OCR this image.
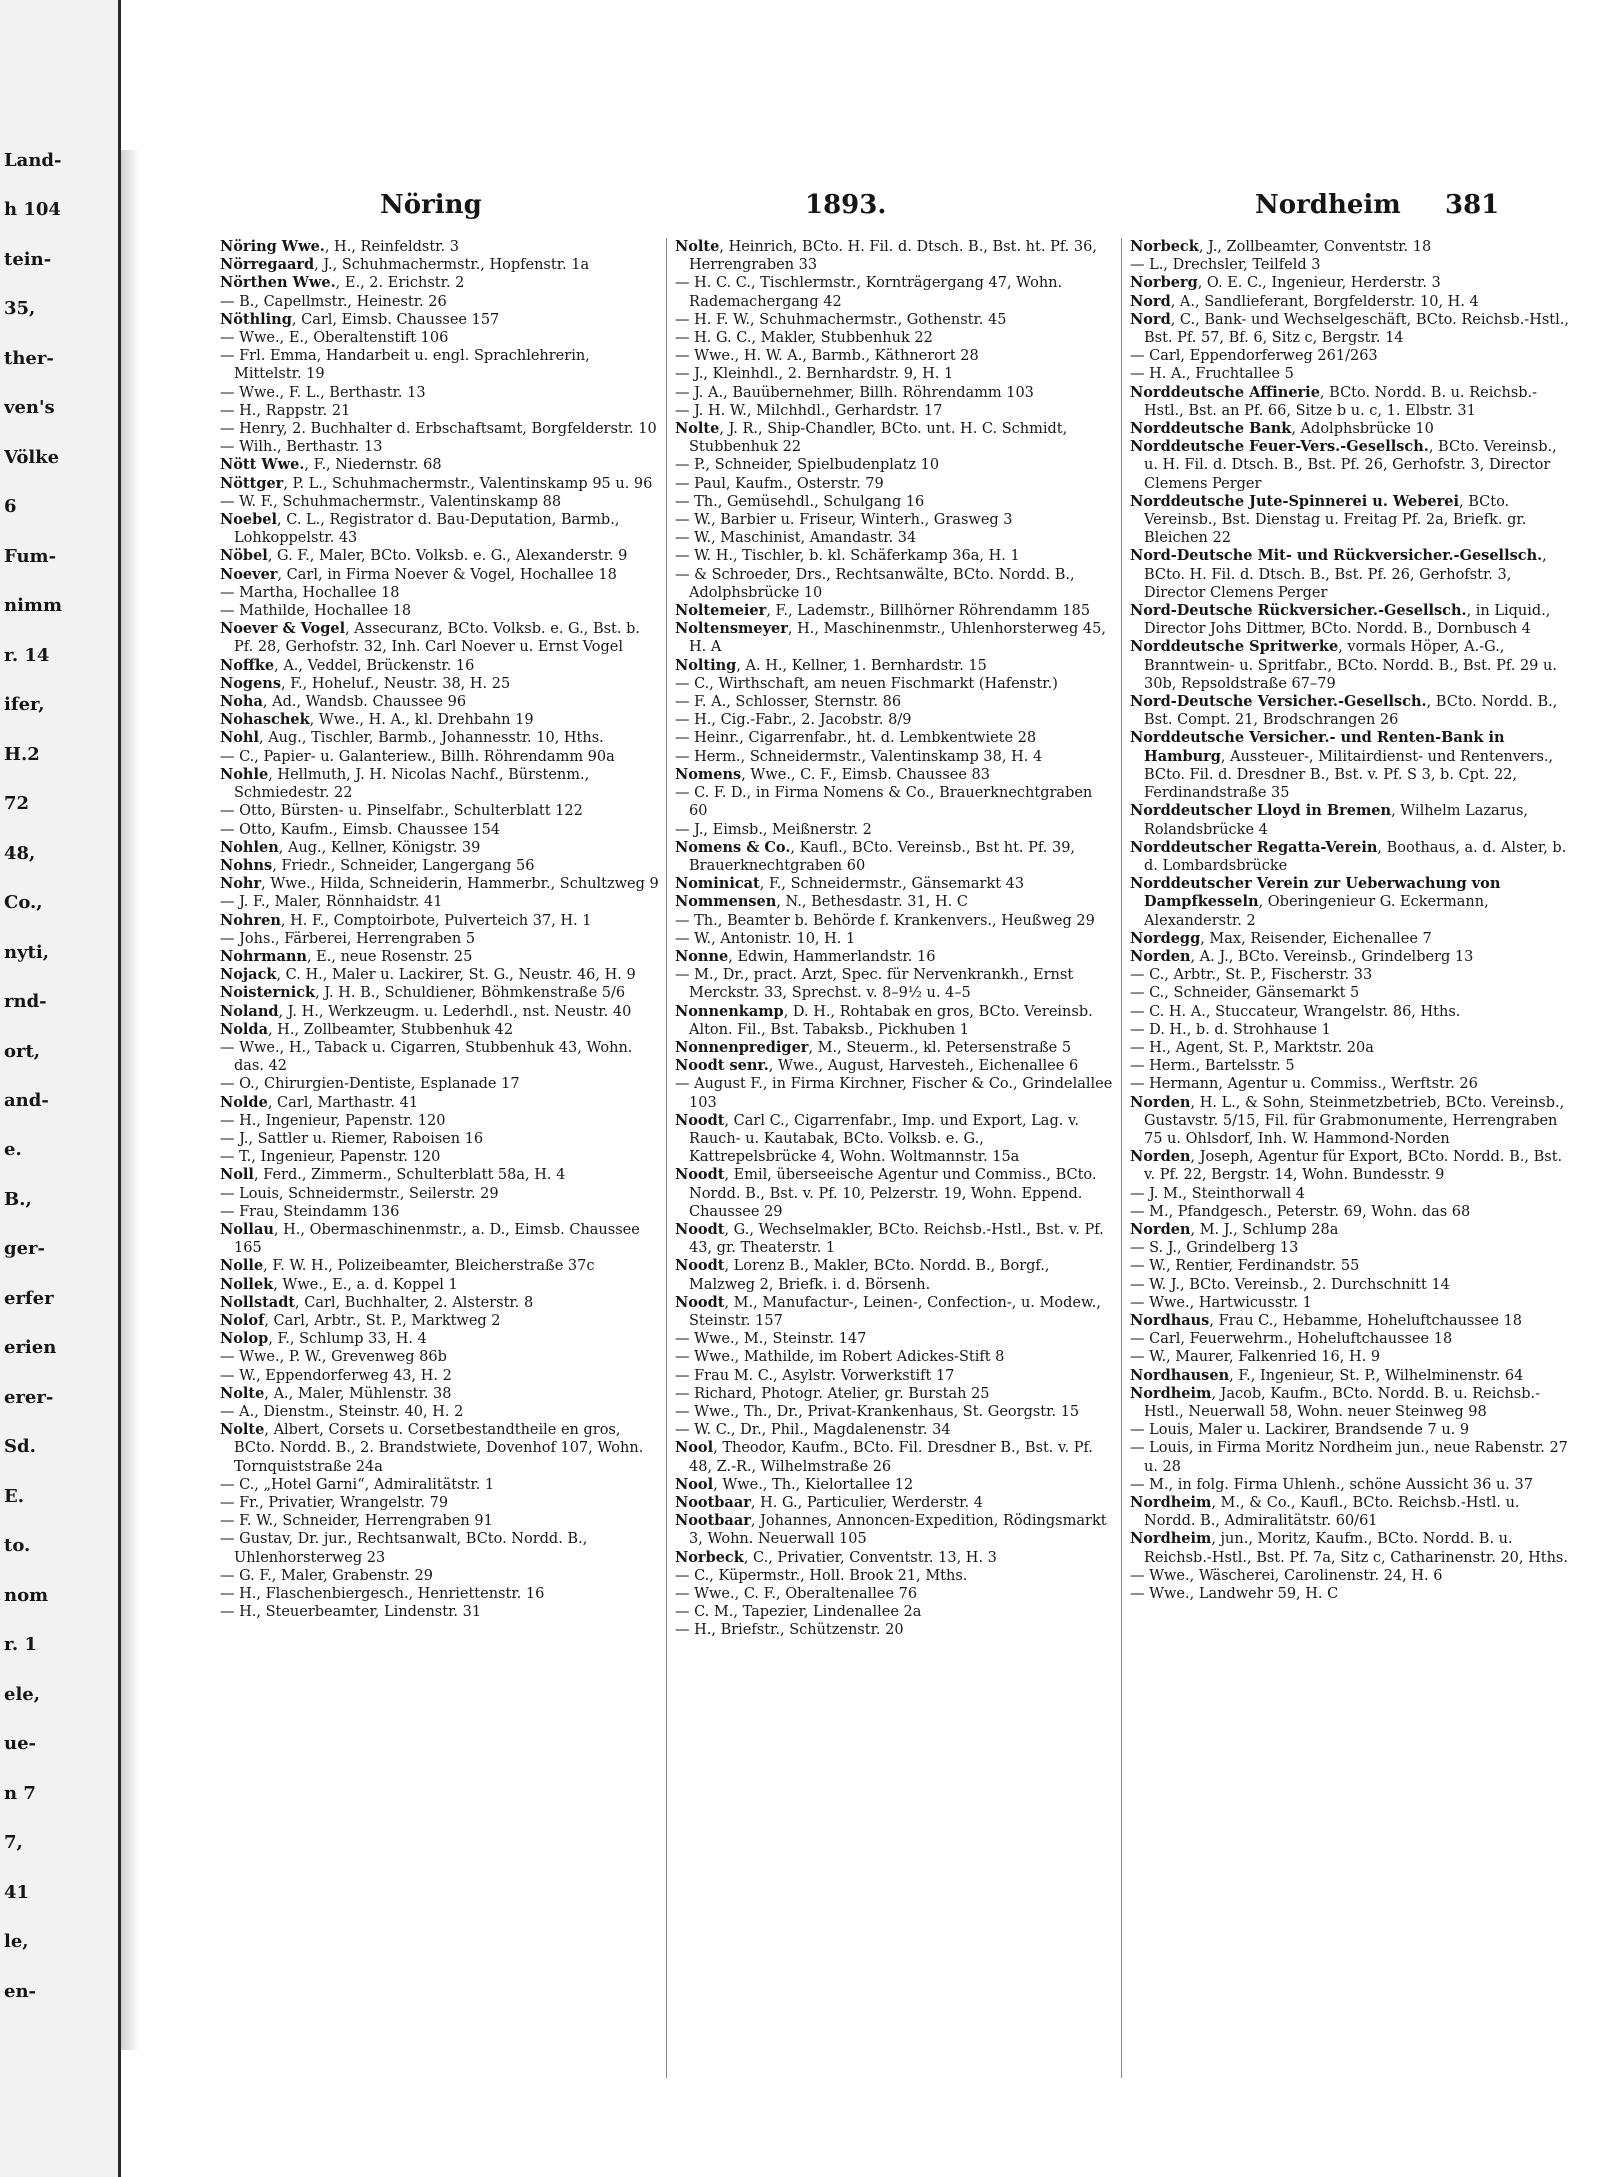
Land-
h 104
tein-
35,
ther-
ven's
Völke
6
Fum-
nimm
r. 14
ifer,
H.2
72
48,
Co.,
nyti,
rnd-
ort,
and-
e.
B.,
ger-
erfer
erien
erer-
Sd.
E.
to.
nom
r. 1
ele,
ue-
n 7
7,
41
le,
en-
Nöring	1893.	Nordheim 381

Nöring Wwe., H., Reinfeldstr. 3

Nörregaard, J., Schuhmachermstr., Hopfenstr. 1a

Nörthen Wwe., E., 2. Erichstr. 2

— B., Capellmstr., Heinestr. 26

Nöthling, Carl, Eimsb. Chaussee 157

— Wwe., E., Oberaltenstift 106

— Frl. Emma, Handarbeit u. engl. Sprachlehrerin, Mittelstr. 19

— Wwe., F. L., Berthastr. 13

— H., Rappstr. 21

— Henry, 2. Buchhalter d. Erbschaftsamt, Borgfelderstr. 10

— Wilh., Berthastr. 13

Nött Wwe., F., Niedernstr. 68

Nöttger, P. L., Schuhmachermstr., Valentinskamp 95 u. 96

— W. F., Schuhmachermstr., Valentinskamp 88

Noebel, C. L., Registrator d. Bau-Deputation, Barmb., Lohkoppelstr. 43

Nöbel, G. F., Maler, BCto. Volksb. e. G., Alexanderstr. 9

Noever, Carl, in Firma Noever & Vogel, Hochallee 18

— Martha, Hochallee 18

— Mathilde, Hochallee 18

Noever & Vogel, Assecuranz, BCto. Volksb. e. G., Bst. b. Pf. 28, Gerhofstr. 32, Inh. Carl Noever u. Ernst Vogel

Noffke, A., Veddel, Brückenstr. 16

Nogens, F., Hoheluf., Neustr. 38, H. 25

Noha, Ad., Wandsb. Chaussee 96

Nohaschek, Wwe., H. A., kl. Drehbahn 19

Nohl, Aug., Tischler, Barmb., Johannesstr. 10, Hths.

— C., Papier- u. Galanteriew., Billh. Röhrendamm 90a

Nohle, Hellmuth, J. H. Nicolas Nachf., Bürstenm., Schmiedestr. 22

— Otto, Bürsten- u. Pinselfabr., Schulterblatt 122

— Otto, Kaufm., Eimsb. Chaussee 154

Nohlen, Aug., Kellner, Königstr. 39

Nohns, Friedr., Schneider, Langergang 56

Nohr, Wwe., Hilda, Schneiderin, Hammerbr., Schultzweg 9

— J. F., Maler, Rönnhaidstr. 41

Nohren, H. F., Comptoirbote, Pulverteich 37, H. 1

— Johs., Färberei, Herrengraben 5

Nohrmann, E., neue Rosenstr. 25

Nojack, C. H., Maler u. Lackirer, St. G., Neustr. 46, H. 9

Noisternick, J. H. B., Schuldiener, Böhmkenstraße 5/6

Noland, J. H., Werkzeugm. u. Lederhdl., nst. Neustr. 40

Nolda, H., Zollbeamter, Stubbenhuk 42

— Wwe., H., Taback u. Cigarren, Stubbenhuk 43, Wohn. das. 42

— O., Chirurgien-Dentiste, Esplanade 17

Nolde, Carl, Marthastr. 41

— H., Ingenieur, Papenstr. 120

— J., Sattler u. Riemer, Raboisen 16

— T., Ingenieur, Papenstr. 120

Noll, Ferd., Zimmerm., Schulterblatt 58a, H. 4

— Louis, Schneidermstr., Seilerstr. 29

— Frau, Steindamm 136

Nollau, H., Obermaschinenmstr., a. D., Eimsb. Chaussee 165

Nolle, F. W. H., Polizeibeamter, Bleicherstraße 37c

Nollek, Wwe., E., a. d. Koppel 1

Nollstadt, Carl, Buchhalter, 2. Alsterstr. 8

Nolof, Carl, Arbtr., St. P., Marktweg 2

Nolop, F., Schlump 33, H. 4

— Wwe., P. W., Grevenweg 86b

— W., Eppendorferweg 43, H. 2

Nolte, A., Maler, Mühlenstr. 38

— A., Dienstm., Steinstr. 40, H. 2

Nolte, Albert, Corsets u. Corsetbestandtheile en gros, BCto. Nordd. B., 2. Brandstwiete, Dovenhof 107, Wohn. Tornquiststraße 24a

— C., „Hotel Garni“, Admiralitätstr. 1

— Fr., Privatier, Wrangelstr. 79

— F. W., Schneider, Herrengraben 91

— Gustav, Dr. jur., Rechtsanwalt, BCto. Nordd. B., Uhlenhorsterweg 23

— G. F., Maler, Grabenstr. 29

— H., Flaschenbiergesch., Henriettenstr. 16

— H., Steuerbeamter, Lindenstr. 31

Nolte, Heinrich, BCto. H. Fil. d. Dtsch. B., Bst. ht. Pf. 36, Herrengraben 33

— H. C. C., Tischlermstr., Kornträgergang 47, Wohn. Rademachergang 42

— H. F. W., Schuhmachermstr., Gothenstr. 45

— H. G. C., Makler, Stubbenhuk 22

— Wwe., H. W. A., Barmb., Käthnerort 28

— J., Kleinhdl., 2. Bernhardstr. 9, H. 1

— J. A., Bauübernehmer, Billh. Röhrendamm 103

— J. H. W., Milchhdl., Gerhardstr. 17

Nolte, J. R., Ship-Chandler, BCto. unt. H. C. Schmidt, Stubbenhuk 22

— P., Schneider, Spielbudenplatz 10

— Paul, Kaufm., Osterstr. 79

— Th., Gemüsehdl., Schulgang 16

— W., Barbier u. Friseur, Winterh., Grasweg 3

— W., Maschinist, Amandastr. 34

— W. H., Tischler, b. kl. Schäferkamp 36a, H. 1

— & Schroeder, Drs., Rechtsanwälte, BCto. Nordd. B., Adolphsbrücke 10

Noltemeier, F., Lademstr., Billhörner Röhrendamm 185

Noltensmeyer, H., Maschinenmstr., Uhlenhorsterweg 45, H. A

Nolting, A. H., Kellner, 1. Bernhardstr. 15

— C., Wirthschaft, am neuen Fischmarkt (Hafenstr.)

— F. A., Schlosser, Sternstr. 86

— H., Cig.-Fabr., 2. Jacobstr. 8/9

— Heinr., Cigarrenfabr., ht. d. Lembkentwiete 28

— Herm., Schneidermstr., Valentinskamp 38, H. 4

Nomens, Wwe., C. F., Eimsb. Chaussee 83

— C. F. D., in Firma Nomens & Co., Brauerknechtgraben 60

— J., Eimsb., Meißnerstr. 2

Nomens & Co., Kaufl., BCto. Vereinsb., Bst ht. Pf. 39, Brauerknechtgraben 60

Nominicat, F., Schneidermstr., Gänsemarkt 43

Nommensen, N., Bethesdastr. 31, H. C

— Th., Beamter b. Behörde f. Krankenvers., Heußweg 29

— W., Antonistr. 10, H. 1

Nonne, Edwin, Hammerlandstr. 16

— M., Dr., pract. Arzt, Spec. für Nervenkrankh., Ernst Merckstr. 33, Sprechst. v. 8–9½ u. 4–5

Nonnenkamp, D. H., Rohtabak en gros, BCto. Vereinsb. Alton. Fil., Bst. Tabaksb., Pickhuben 1

Nonnenprediger, M., Steuerm., kl. Petersenstraße 5

Noodt senr., Wwe., August, Harvesteh., Eichenallee 6

— August F., in Firma Kirchner, Fischer & Co., Grindelallee 103

Noodt, Carl C., Cigarrenfabr., Imp. und Export, Lag. v. Rauch- u. Kautabak, BCto. Volksb. e. G., Kattrepelsbrücke 4, Wohn. Woltmannstr. 15a

Noodt, Emil, überseeische Agentur und Commiss., BCto. Nordd. B., Bst. v. Pf. 10, Pelzerstr. 19, Wohn. Eppend. Chaussee 29

Noodt, G., Wechselmakler, BCto. Reichsb.-Hstl., Bst. v. Pf. 43, gr. Theaterstr. 1

Noodt, Lorenz B., Makler, BCto. Nordd. B., Borgf., Malzweg 2, Briefk. i. d. Börsenh.

Noodt, M., Manufactur-, Leinen-, Confection-, u. Modew., Steinstr. 157

— Wwe., M., Steinstr. 147

— Wwe., Mathilde, im Robert Adickes-Stift 8

— Frau M. C., Asylstr. Vorwerkstift 17

— Richard, Photogr. Atelier, gr. Burstah 25

— Wwe., Th., Dr., Privat-Krankenhaus, St. Georgstr. 15

— W. C., Dr., Phil., Magdalenenstr. 34

Nool, Theodor, Kaufm., BCto. Fil. Dresdner B., Bst. v. Pf. 48, Z.-R., Wilhelmstraße 26

Nool, Wwe., Th., Kielortallee 12

Nootbaar, H. G., Particulier, Werderstr. 4

Nootbaar, Johannes, Annoncen-Expedition, Rödingsmarkt 3, Wohn. Neuerwall 105

Norbeck, C., Privatier, Conventstr. 13, H. 3

— C., Küpermstr., Holl. Brook 21, Mths.

— Wwe., C. F., Oberaltenallee 76

— C. M., Tapezier, Lindenallee 2a

— H., Briefstr., Schützenstr. 20

Norbeck, J., Zollbeamter, Conventstr. 18

— L., Drechsler, Teilfeld 3

Norberg, O. E. C., Ingenieur, Herderstr. 3

Nord, A., Sandlieferant, Borgfelderstr. 10, H. 4

Nord, C., Bank- und Wechselgeschäft, BCto. Reichsb.-Hstl., Bst. Pf. 57, Bf. 6, Sitz c, Bergstr. 14

— Carl, Eppendorferweg 261/263

— H. A., Fruchtallee 5

Norddeutsche Affinerie, BCto. Nordd. B. u. Reichsb.-Hstl., Bst. an Pf. 66, Sitze b u. c, 1. Elbstr. 31

Norddeutsche Bank, Adolphsbrücke 10

Norddeutsche Feuer-Vers.-Gesellsch., BCto. Vereinsb., u. H. Fil. d. Dtsch. B., Bst. Pf. 26, Gerhofstr. 3, Director Clemens Perger

Norddeutsche Jute-Spinnerei u. Weberei, BCto. Vereinsb., Bst. Dienstag u. Freitag Pf. 2a, Briefk. gr. Bleichen 22

Nord-Deutsche Mit- und Rückversicher.-Gesellsch., BCto. H. Fil. d. Dtsch. B., Bst. Pf. 26, Gerhofstr. 3, Director Clemens Perger

Nord-Deutsche Rückversicher.-Gesellsch., in Liquid., Director Johs Dittmer, BCto. Nordd. B., Dornbusch 4

Norddeutsche Spritwerke, vormals Höper, A.-G., Branntwein- u. Spritfabr., BCto. Nordd. B., Bst. Pf. 29 u. 30b, Repsoldstraße 67–79

Nord-Deutsche Versicher.-Gesellsch., BCto. Nordd. B., Bst. Compt. 21, Brodschrangen 26

Norddeutsche Versicher.- und Renten-Bank in Hamburg, Aussteuer-, Militairdienst- und Rentenvers., BCto. Fil. d. Dresdner B., Bst. v. Pf. S 3, b. Cpt. 22, Ferdinandstraße 35

Norddeutscher Lloyd in Bremen, Wilhelm Lazarus, Rolandsbrücke 4

Norddeutscher Regatta-Verein, Boothaus, a. d. Alster, b. d. Lombardsbrücke

Norddeutscher Verein zur Ueberwachung von Dampfkesseln, Oberingenieur G. Eckermann, Alexanderstr. 2

Nordegg, Max, Reisender, Eichenallee 7

Norden, A. J., BCto. Vereinsb., Grindelberg 13

— C., Arbtr., St. P., Fischerstr. 33

— C., Schneider, Gänsemarkt 5

— C. H. A., Stuccateur, Wrangelstr. 86, Hths.

— D. H., b. d. Strohhause 1

— H., Agent, St. P., Marktstr. 20a

— Herm., Bartelsstr. 5

— Hermann, Agentur u. Commiss., Werftstr. 26

Norden, H. L., & Sohn, Steinmetzbetrieb, BCto. Vereinsb., Gustavstr. 5/15, Fil. für Grabmonumente, Herrengraben 75 u. Ohlsdorf, Inh. W. Hammond-Norden

Norden, Joseph, Agentur für Export, BCto. Nordd. B., Bst. v. Pf. 22, Bergstr. 14, Wohn. Bundesstr. 9

— J. M., Steinthorwall 4

— M., Pfandgesch., Peterstr. 69, Wohn. das 68

Norden, M. J., Schlump 28a

— S. J., Grindelberg 13

— W., Rentier, Ferdinandstr. 55

— W. J., BCto. Vereinsb., 2. Durchschnitt 14

— Wwe., Hartwicusstr. 1

Nordhaus, Frau C., Hebamme, Hoheluftchaussee 18

— Carl, Feuerwehrm., Hoheluftchaussee 18

— W., Maurer, Falkenried 16, H. 9

Nordhausen, F., Ingenieur, St. P., Wilhelminenstr. 64

Nordheim, Jacob, Kaufm., BCto. Nordd. B. u. Reichsb.-Hstl., Neuerwall 58, Wohn. neuer Steinweg 98

— Louis, Maler u. Lackirer, Brandsende 7 u. 9

— Louis, in Firma Moritz Nordheim jun., neue Rabenstr. 27 u. 28

— M., in folg. Firma Uhlenh., schöne Aussicht 36 u. 37

Nordheim, M., & Co., Kaufl., BCto. Reichsb.-Hstl. u. Nordd. B., Admiralitätstr. 60/61

Nordheim, jun., Moritz, Kaufm., BCto. Nordd. B. u. Reichsb.-Hstl., Bst. Pf. 7a, Sitz c, Catharinenstr. 20, Hths.

— Wwe., Wäscherei, Carolinenstr. 24, H. 6

— Wwe., Landwehr 59, H. C
